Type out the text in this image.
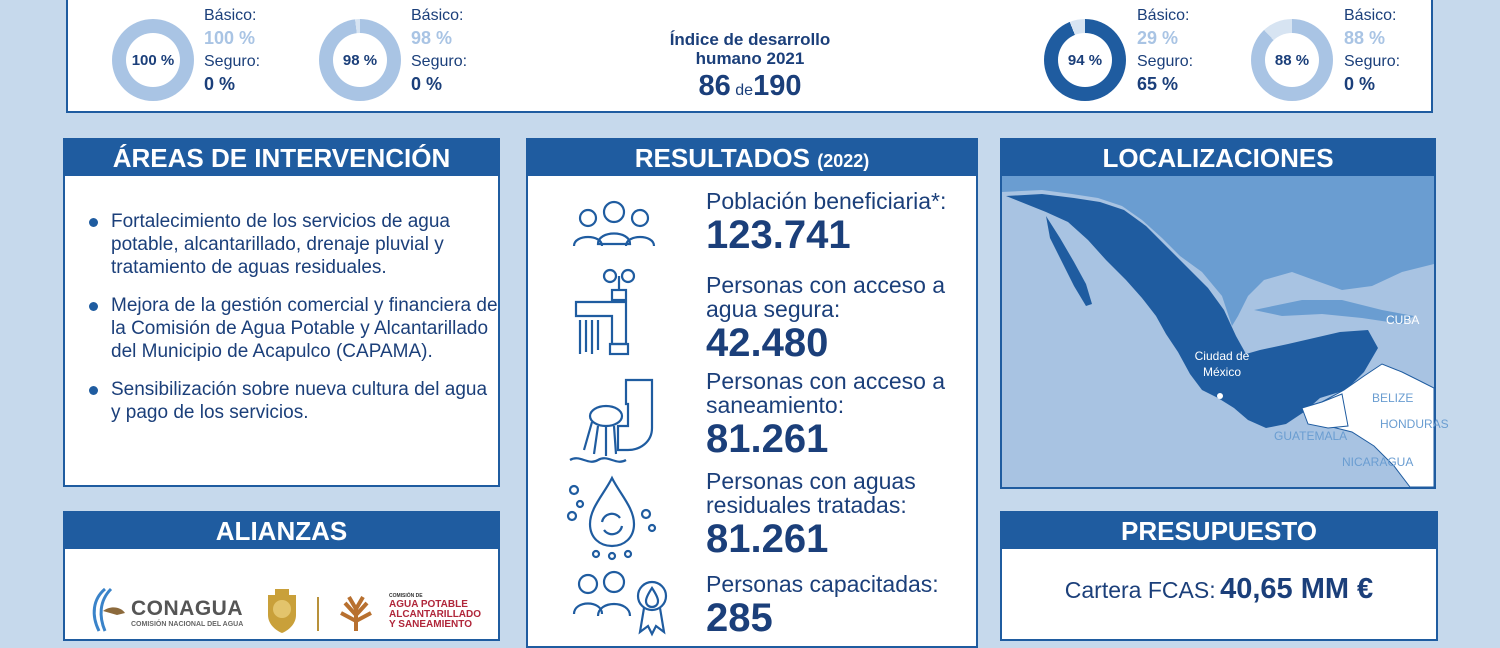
100 %
Básico:
100 %
Seguro:
0 %
98 %
Básico:
98 %
Seguro:
0 %
Índice de desarrollo
humano 2021
86 de190
94 %
Básico:
29 %
Seguro:
65 %
88 %
Básico:
88 %
Seguro:
0 %
ÁREAS DE INTERVENCIÓN
Fortalecimiento de los servicios de agua potable, alcantarillado, drenaje pluvial y tratamiento de aguas residuales.
Mejora de la gestión comercial y financiera de la Comisión de Agua Potable y Alcantarillado del Municipio de Acapulco (CAPAMA).
Sensibilización sobre nueva cultura del agua y pago de los servicios.
ALIANZAS
CONAGUA
COMISIÓN NACIONAL DEL AGUA
COMISIÓN DE
AGUA POTABLE
ALCANTARILLADO
Y SANEAMIENTO
RESULTADOS (2022)
Población beneficiaria*:
123.741
Personas con acceso a agua segura:
42.480
Personas con acceso a saneamiento:
81.261
Personas con aguas residuales tratadas:
81.261
Personas capacitadas:
285
LOCALIZACIONES
Ciudad de
México
CUBA
BELIZE
HONDURAS
GUATEMALA
NICARAGUA
PRESUPUESTO
Cartera FCAS: 40,65 MM €
